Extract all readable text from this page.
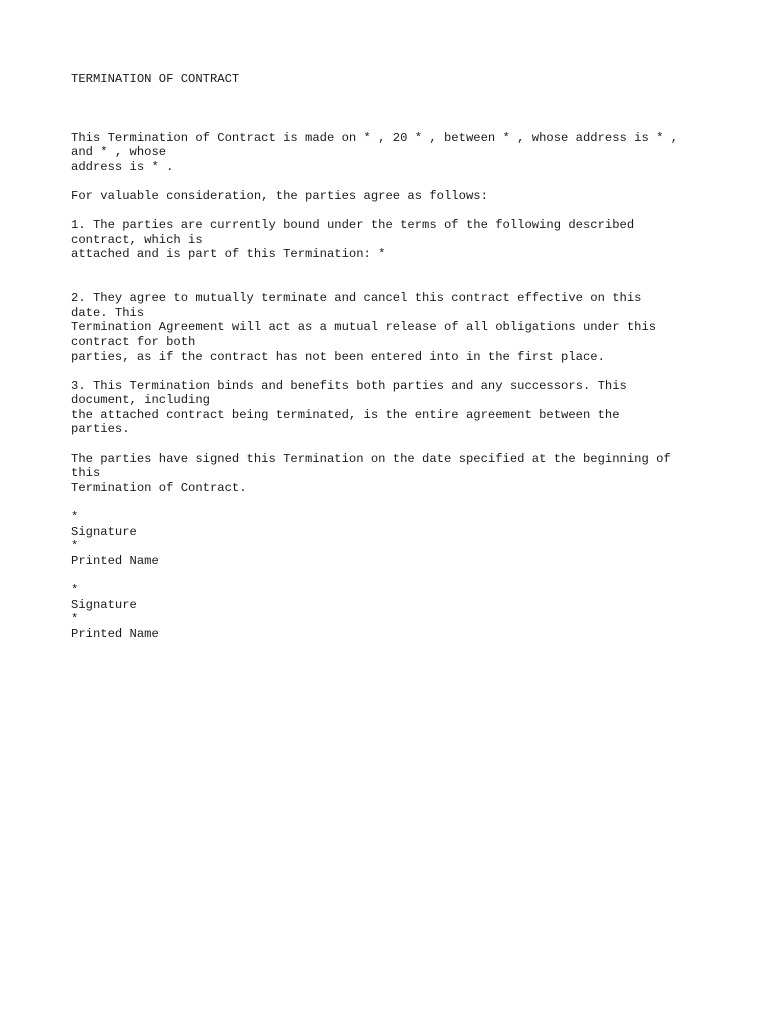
TERMINATION OF CONTRACT
This Termination of Contract is made on * , 20 * , between * , whose address is * ,
and * , whose
address is * .
For valuable consideration, the parties agree as follows:
1. The parties are currently bound under the terms of the following described
contract, which is
attached and is part of this Termination: *
2. They agree to mutually terminate and cancel this contract effective on this
date. This
Termination Agreement will act as a mutual release of all obligations under this
contract for both
parties, as if the contract has not been entered into in the first place.
3. This Termination binds and benefits both parties and any successors. This
document, including
the attached contract being terminated, is the entire agreement between the
parties.
The parties have signed this Termination on the date specified at the beginning of
this
Termination of Contract.
*
Signature
*
Printed Name
*
Signature
*
Printed Name
